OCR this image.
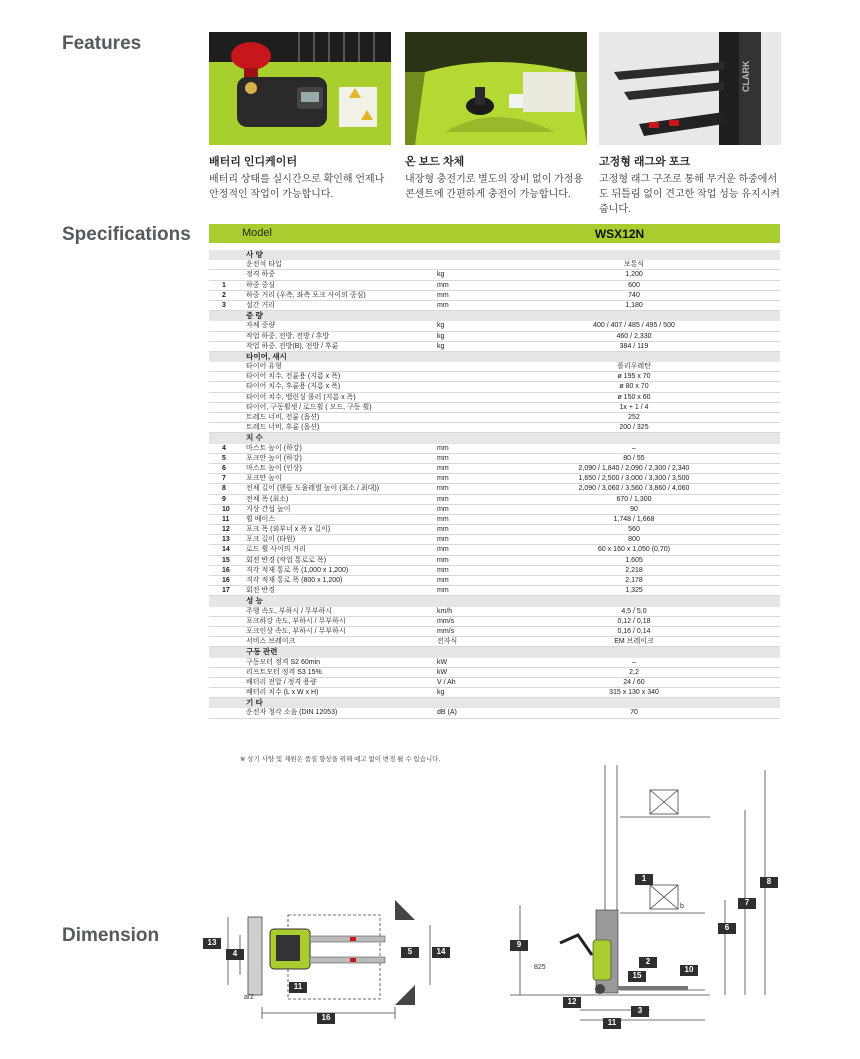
Features
Specifications
Dimension
배터리 인디케이터
배터리 상태를 실시간으로 확인해 언제나 안정적인 작업이 가능합니다.
온 보드 차체
내장형 충전기로 별도의 장비 없이 가정용 콘센트에 간편하게 충전이 가능합니다.
CLARK
고정형 래그와 포크
고정형 래그 구조로 통해 무거운 하중에서도 뒤틀림 없이 견고한 작업 성능 유지시켜 줍니다.
Model	WSX12N
사 양
운전석 타입	보통식
정격 하중	kg	1,200
1	하중 중심	mm	600
2	하중 거리 (우측, 좌측 포크 사이의 중심)	mm	740
3	설간 거리	mm	1,180
중 량
자체 중량	kg	400 / 407 / 485 / 495 / 500
작업 하중, 전방, 전방 / 후방	kg	460 / 2,330
작업 하중, 전방(B), 전방 / 후륜	kg	384 / 119
타이어, 섀시
타이어 유형	폴리우레탄
타이어 치수, 전륜용 (지름 x 폭)	ø 195 x 70
타이어 치수, 후륜용 (지름 x 폭)	ø 80 x 70
타이어 치수, 밸런싱 롤러 (지름 x 폭)	ø 150 x 60
타이어, 구동휠셋 / 로드휠 ( 모드, 구동 휠)	1x + 1 / 4
트레드 너비, 전륜 (옵션)	252
트레드 너비, 후륜 (옵션)	200 / 325
치 수
4	마스트 높이 (하강)	mm	–
5	포크만 높이 (하강)	mm	80 / 55
6	마스트 높이 (인상)	mm	2,090 / 1,840 / 2,090 / 2,300 / 2,340
7	포크만 높이	mm	1,650 / 2,500 / 3,000 / 3,300 / 3,500
8	전체 길이 (핸들 도움레벌 높이 (최소 / 최대))	mm	2,090 / 3,060 / 3,560 / 3,860 / 4,060
9	전체 폭 (최소)	mm	670 / 1,300
10 지상 간섭 높이	mm	90
11 휠 베이스	mm	1,748 / 1,668
12 포크 폭 (외부너 x 폭 x 길이)	mm	560
13 포크 길이 (타원)	mm	800
14 로드 휠 사이의 거리	mm	60 x 160 x 1,050 (0,70)
15 회전 반경 (작업 통로로 폭)	mm	1,605
16 직각 적재 통로 폭 (1,000 x 1,200)	mm	2,218
16 직각 적재 통로 폭 (800 x 1,200)	mm	2,178
17 회전 반경	mm	1,325
성 능
주행 속도, 부하시 / 무부하시	km/h	4,5 / 5,0
포크하강 속도, 부하시 / 무부하시	mm/s	0,12 / 0,18
포크인상 속도, 부하시 / 무부하시	mm/s	0,16 / 0,14
서비스 브레이크	전자식	EM 브레이크
구동 관련
구동모터 정격 S2 60min	kW	–
리프트모터 정격 S3 15%	kW	2,2
배터리 전압 / 정격 용량	V / Ah	24 / 60
배터리 치수 (L x W x H)	kg	315 x 130 x 340
기 타
운전자 청각 소음 (DIN 12053)	dB (A)	70
※ 상기 사양 및 제원은 품질 향상을 위해 예고 없이 변경 될 수 있습니다.
13
4	5	14
11
16
a/2
1
2
15
10
9
12
3
11
6
7
8
825
b
